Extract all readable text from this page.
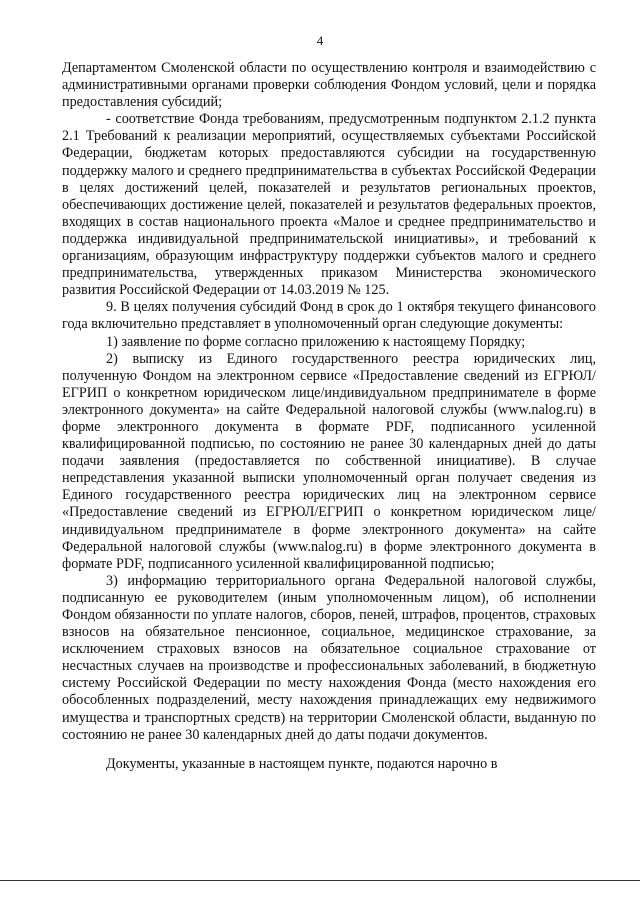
4

Департаментом Смоленской области по осуществлению контроля и взаимодействию с административными органами проверки соблюдения Фондом условий, цели и порядка предоставления субсидий;

- соответствие Фонда требованиям, предусмотренным подпунктом 2.1.2 пункта 2.1 Требований к реализации мероприятий, осуществляемых субъектами Российской Федерации, бюджетам которых предоставляются субсидии на государственную поддержку малого и среднего предпринимательства в субъектах Российской Федерации в целях достижений целей, показателей и результатов региональных проектов, обеспечивающих достижение целей, показателей и результатов федеральных проектов, входящих в состав национального проекта «Малое и среднее предпринимательство и поддержка индивидуальной предпринимательской инициативы», и требований к организациям, образующим инфраструктуру поддержки субъектов малого и среднего предпринимательства, утвержденных приказом Министерства экономического развития Российской Федерации от 14.03.2019 № 125.

9. В целях получения субсидий Фонд в срок до 1 октября текущего финансового года включительно представляет в уполномоченный орган следующие документы:

1) заявление по форме согласно приложению к настоящему Порядку;

2) выписку из Единого государственного реестра юридических лиц, полученную Фондом на электронном сервисе «Предоставление сведений из ЕГРЮЛ/ЕГРИП о конкретном юридическом лице/индивидуальном предпринимателе в форме электронного документа» на сайте Федеральной налоговой службы (www.nalog.ru) в форме электронного документа в формате PDF, подписанного усиленной квалифицированной подписью, по состоянию не ранее 30 календарных дней до даты подачи заявления (предоставляется по собственной инициативе). В случае непредставления указанной выписки уполномоченный орган получает сведения из Единого государственного реестра юридических лиц на электронном сервисе «Предоставление сведений из ЕГРЮЛ/ЕГРИП о конкретном юридическом лице/индивидуальном предпринимателе в форме электронного документа» на сайте Федеральной налоговой службы (www.nalog.ru) в форме электронного документа в формате PDF, подписанного усиленной квалифицированной подписью;

3) информацию территориального органа Федеральной налоговой службы, подписанную ее руководителем (иным уполномоченным лицом), об исполнении Фондом обязанности по уплате налогов, сборов, пеней, штрафов, процентов, страховых взносов на обязательное пенсионное, социальное, медицинское страхование, за исключением страховых взносов на обязательное социальное страхование от несчастных случаев на производстве и профессиональных заболеваний, в бюджетную систему Российской Федерации по месту нахождения Фонда (место нахождения его обособленных подразделений, месту нахождения принадлежащих ему недвижимого имущества и транспортных средств) на территории Смоленской области, выданную по состоянию не ранее 30 календарных дней до даты подачи документов.

Документы, указанные в настоящем пункте, подаются нарочно в
